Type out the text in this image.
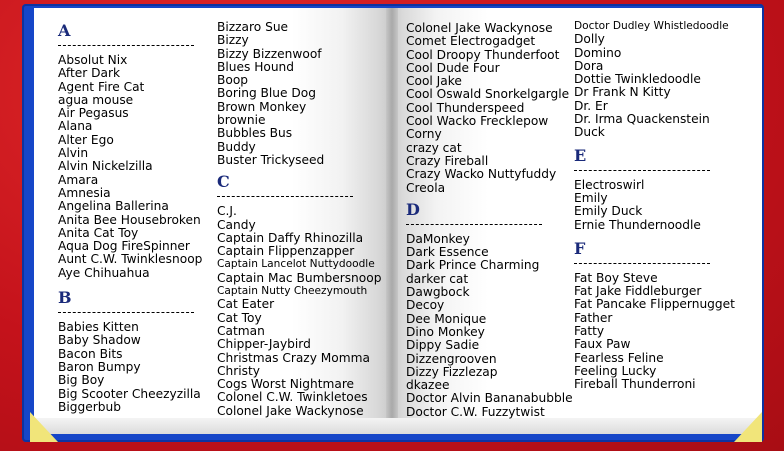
A
Absolut Nix
After Dark
Agent Fire Cat
agua mouse
Air Pegasus
Alana
Alter Ego
Alvin
Alvin Nickelzilla
Amara
Amnesia
Angelina Ballerina
Anita Bee Housebroken
Anita Cat Toy
Aqua Dog FireSpinner
Aunt C.W. Twinklesnoop
Aye Chihuahua
B
Babies Kitten
Baby Shadow
Bacon Bits
Baron Bumpy
Big Boy
Big Scooter Cheezyzilla
Biggerbub
Bizzaro Sue
Bizzy
Bizzy Bizzenwoof
Blues Hound
Boop
Boring Blue Dog
Brown Monkey
brownie
Bubbles Bus
Buddy
Buster Trickyseed
C
C.J.
Candy
Captain Daffy Rhinozilla
Captain Flippenzapper
Captain Lancelot Nuttydoodle
Captain Mac Bumbersnoop
Captain Nutty Cheezymouth
Cat Eater
Cat Toy
Catman
Chipper-Jaybird
Christmas Crazy Momma
Christy
Cogs Worst Nightmare
Colonel C.W. Twinkletoes
Colonel Jake Wackynose
Colonel Jake Wackynose
Comet Electrogadget
Cool Droopy Thunderfoot
Cool Dude Four
Cool Jake
Cool Oswald Snorkelgargle
Cool Thunderspeed
Cool Wacko Frecklepow
Corny
crazy cat
Crazy Fireball
Crazy Wacko Nuttyfuddy
Creola
D
DaMonkey
Dark Essence
Dark Prince Charming
darker cat
Dawgbock
Decoy
Dee Monique
Dino Monkey
Dippy Sadie
Dizzengrooven
Dizzy Fizzlezap
dkazee
Doctor Alvin Bananabubble
Doctor C.W. Fuzzytwist
Doctor Dudley Whistledoodle
Dolly
Domino
Dora
Dottie Twinkledoodle
Dr Frank N Kitty
Dr. Er
Dr. Irma Quackenstein
Duck
E
Electroswirl
Emily
Emily Duck
Ernie Thundernoodle
F
Fat Boy Steve
Fat Jake Fiddleburger
Fat Pancake Flippernugget
Father
Fatty
Faux Paw
Fearless Feline
Feeling Lucky
Fireball Thunderroni
